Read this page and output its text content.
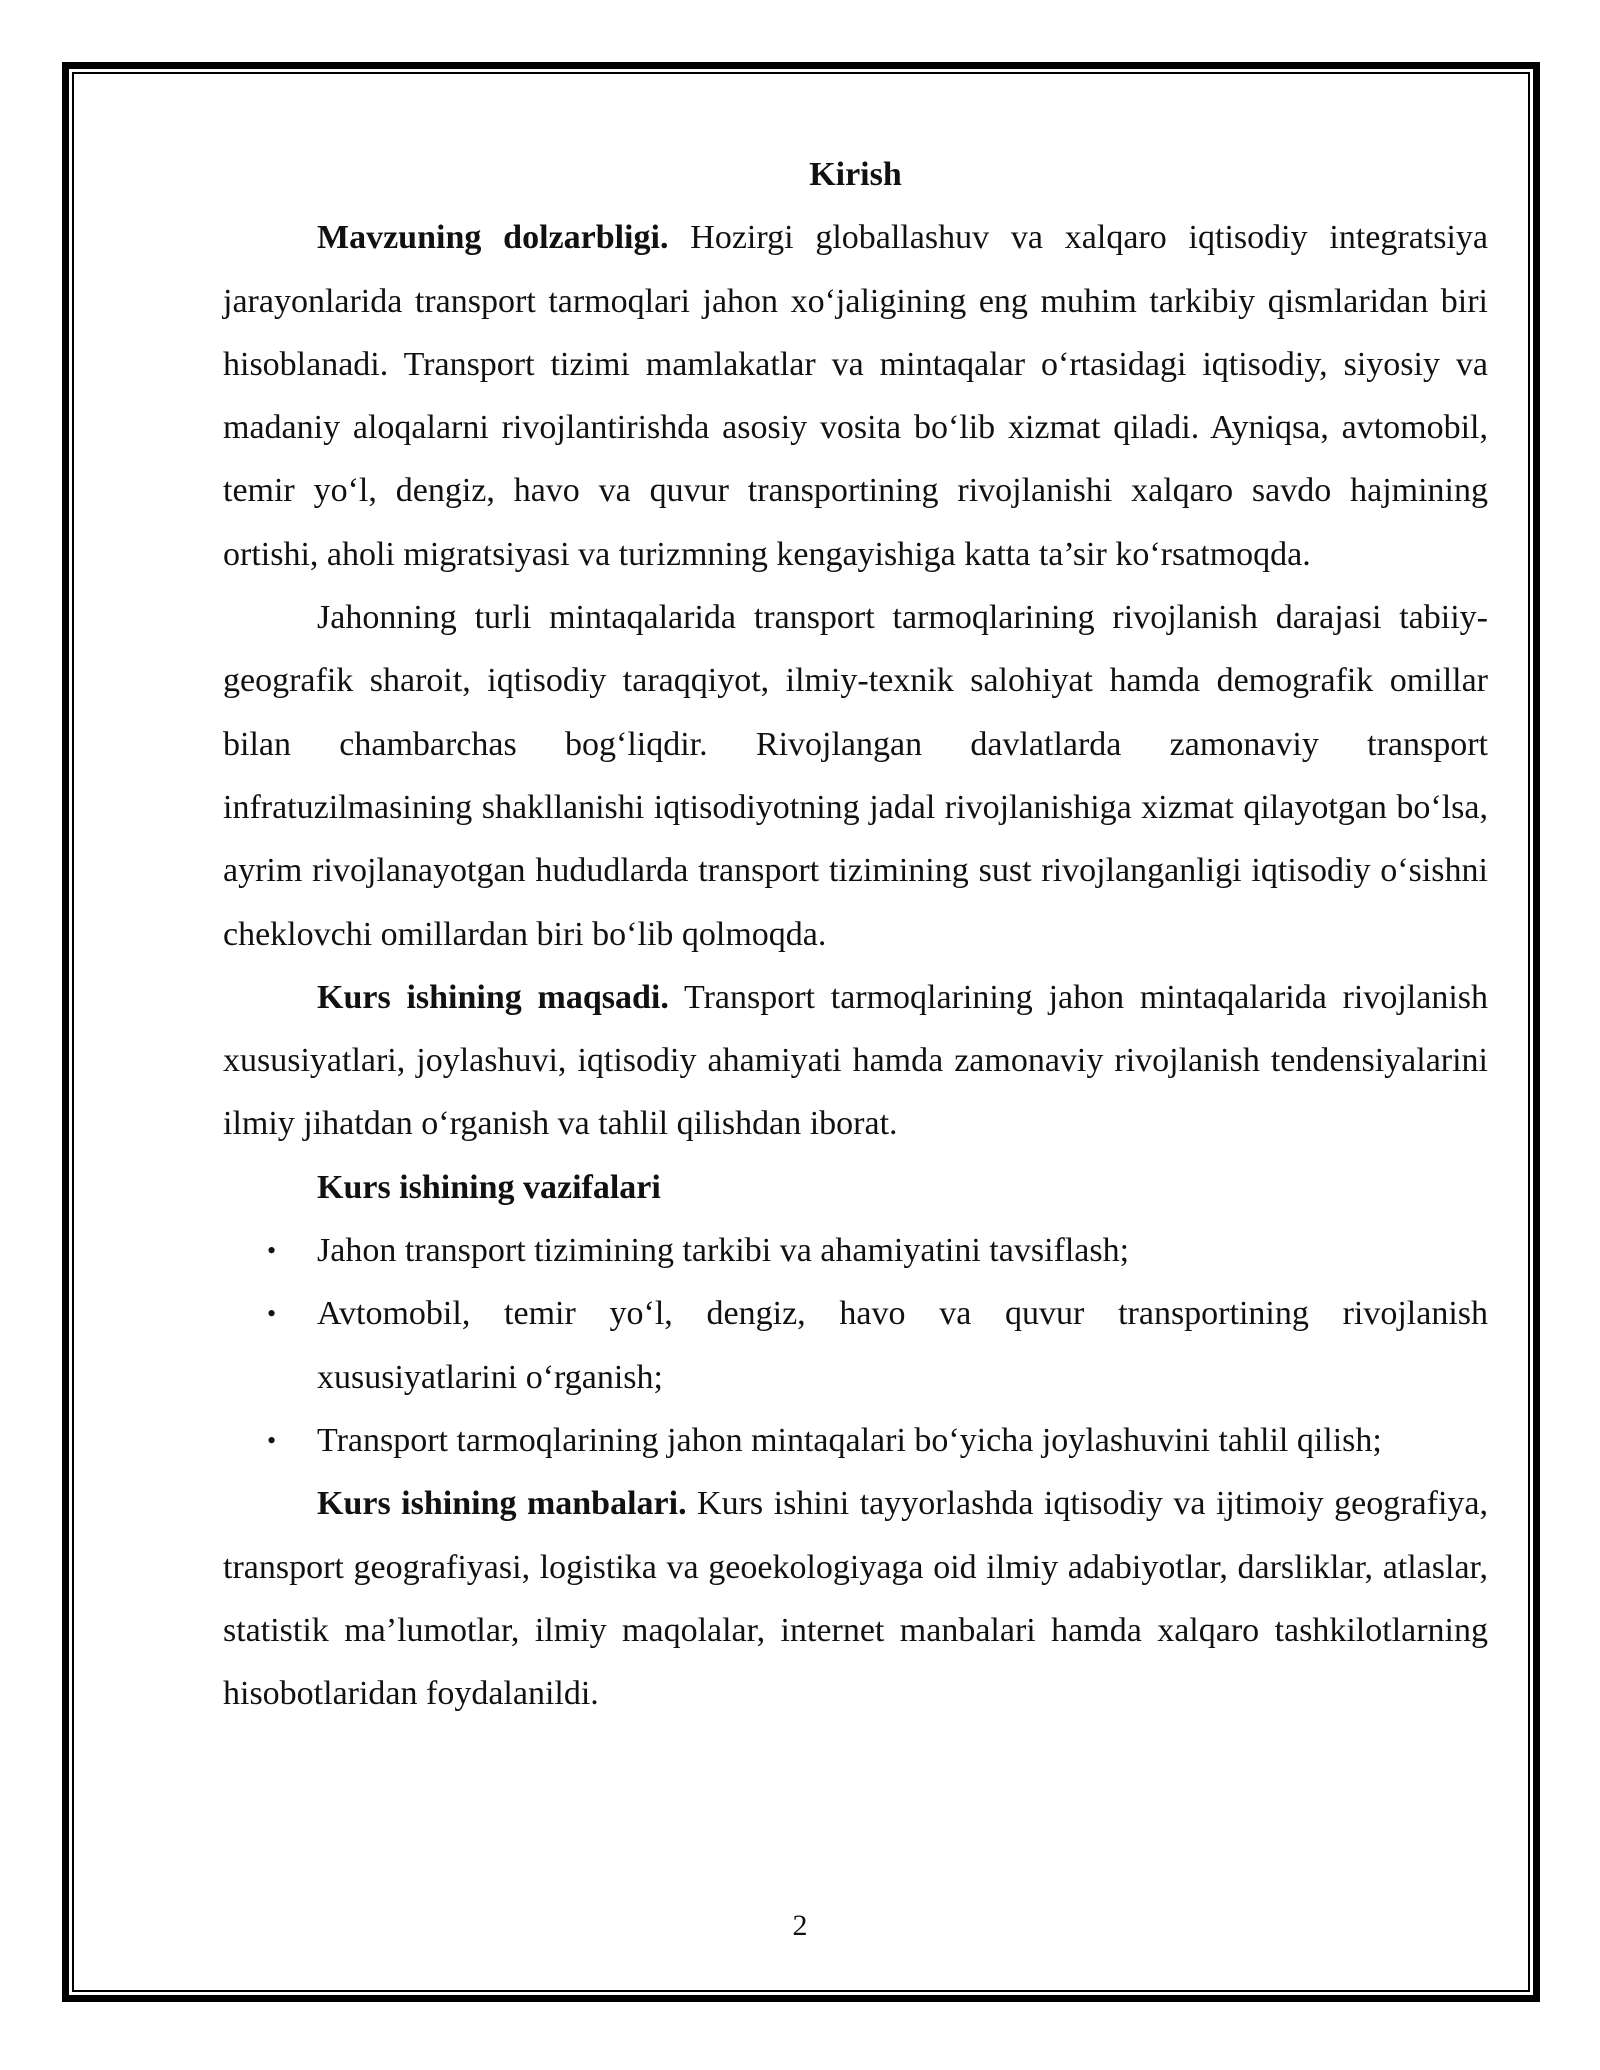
Kirish

Mavzuning dolzarbligi. Hozirgi globallashuv va xalqaro iqtisodiy integratsiya jarayonlarida transport tarmoqlari jahon xo‘jaligining eng muhim tarkibiy qismlaridan biri hisoblanadi. Transport tizimi mamlakatlar va mintaqalar o‘rtasidagi iqtisodiy, siyosiy va madaniy aloqalarni rivojlantirishda asosiy vosita bo‘lib xizmat qiladi. Ayniqsa, avtomobil, temir yo‘l, dengiz, havo va quvur transportining rivojlanishi xalqaro savdo hajmining ortishi, aholi migratsiyasi va turizmning kengayishiga katta ta’sir ko‘rsatmoqda.

Jahonning turli mintaqalarida transport tarmoqlarining rivojlanish darajasi tabiiy-geografik sharoit, iqtisodiy taraqqiyot, ilmiy-texnik salohiyat hamda demografik omillar bilan chambarchas bog‘liqdir. Rivojlangan davlatlarda zamonaviy transport infratuzilmasining shakllanishi iqtisodiyotning jadal rivojlanishiga xizmat qilayotgan bo‘lsa, ayrim rivojlanayotgan hududlarda transport tizimining sust rivojlanganligi iqtisodiy o‘sishni cheklovchi omillardan biri bo‘lib qolmoqda.

Kurs ishining maqsadi. Transport tarmoqlarining jahon mintaqalarida rivojlanish xususiyatlari, joylashuvi, iqtisodiy ahamiyati hamda zamonaviy rivojlanish tendensiyalarini ilmiy jihatdan o‘rganish va tahlil qilishdan iborat.

Kurs ishining vazifalari

• Jahon transport tizimining tarkibi va ahamiyatini tavsiflash;
• Avtomobil, temir yo‘l, dengiz, havo va quvur transportining rivojlanish xususiyatlarini o‘rganish;
• Transport tarmoqlarining jahon mintaqalari bo‘yicha joylashuvini tahlil qilish;

Kurs ishining manbalari. Kurs ishini tayyorlashda iqtisodiy va ijtimoiy geografiya, transport geografiyasi, logistika va geoekologiyaga oid ilmiy adabiyotlar, darsliklar, atlaslar, statistik ma’lumotlar, ilmiy maqolalar, internet manbalari hamda xalqaro tashkilotlarning hisobotlaridan foydalanildi.

2
